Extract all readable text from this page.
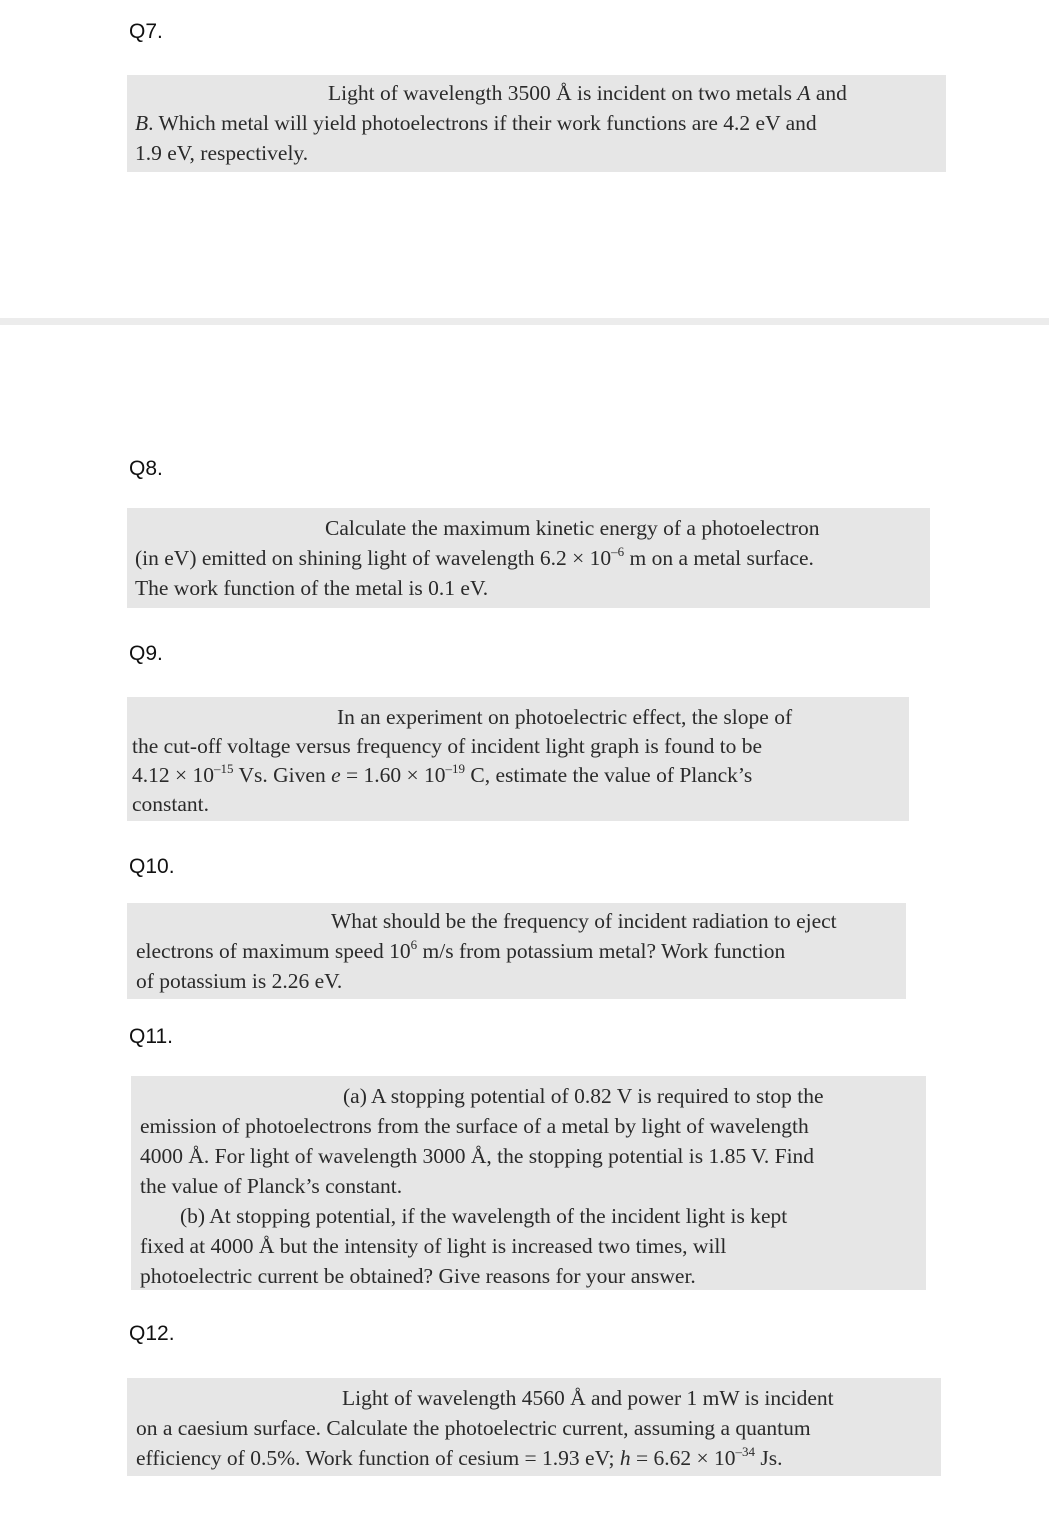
Q7.
Light of wavelength 3500 Å is incident on two metals A and
B. Which metal will yield photoelectrons if their work functions are 4.2 eV and
1.9 eV, respectively.
Q8.
Calculate the maximum kinetic energy of a photoelectron
(in eV) emitted on shining light of wavelength $6.2 \times 10^{-6}$ m on a metal surface.
The work function of the metal is 0.1 eV.
Q9.
In an experiment on photoelectric effect, the slope of
the cut-off voltage versus frequency of incident light graph is found to be
$4.12 \times 10^{-15}$ Vs. Given $e = 1.60 \times 10^{-19}$ C, estimate the value of Planck’s
constant.
Q10.
What should be the frequency of incident radiation to eject
electrons of maximum speed $10^6$ m/s from potassium metal? Work function
of potassium is 2.26 eV.
Q11.
(a) A stopping potential of 0.82 V is required to stop the
emission of photoelectrons from the surface of a metal by light of wavelength
4000 Å. For light of wavelength 3000 Å, the stopping potential is 1.85 V. Find
the value of Planck’s constant.
(b) At stopping potential, if the wavelength of the incident light is kept
fixed at 4000 Å but the intensity of light is increased two times, will
photoelectric current be obtained? Give reasons for your answer.
Q12.
Light of wavelength 4560 Å and power 1 mW is incident
on a caesium surface. Calculate the photoelectric current, assuming a quantum
efficiency of 0.5%. Work function of cesium = 1.93 eV; $h = 6.62 \times 10^{-34}$ Js.
